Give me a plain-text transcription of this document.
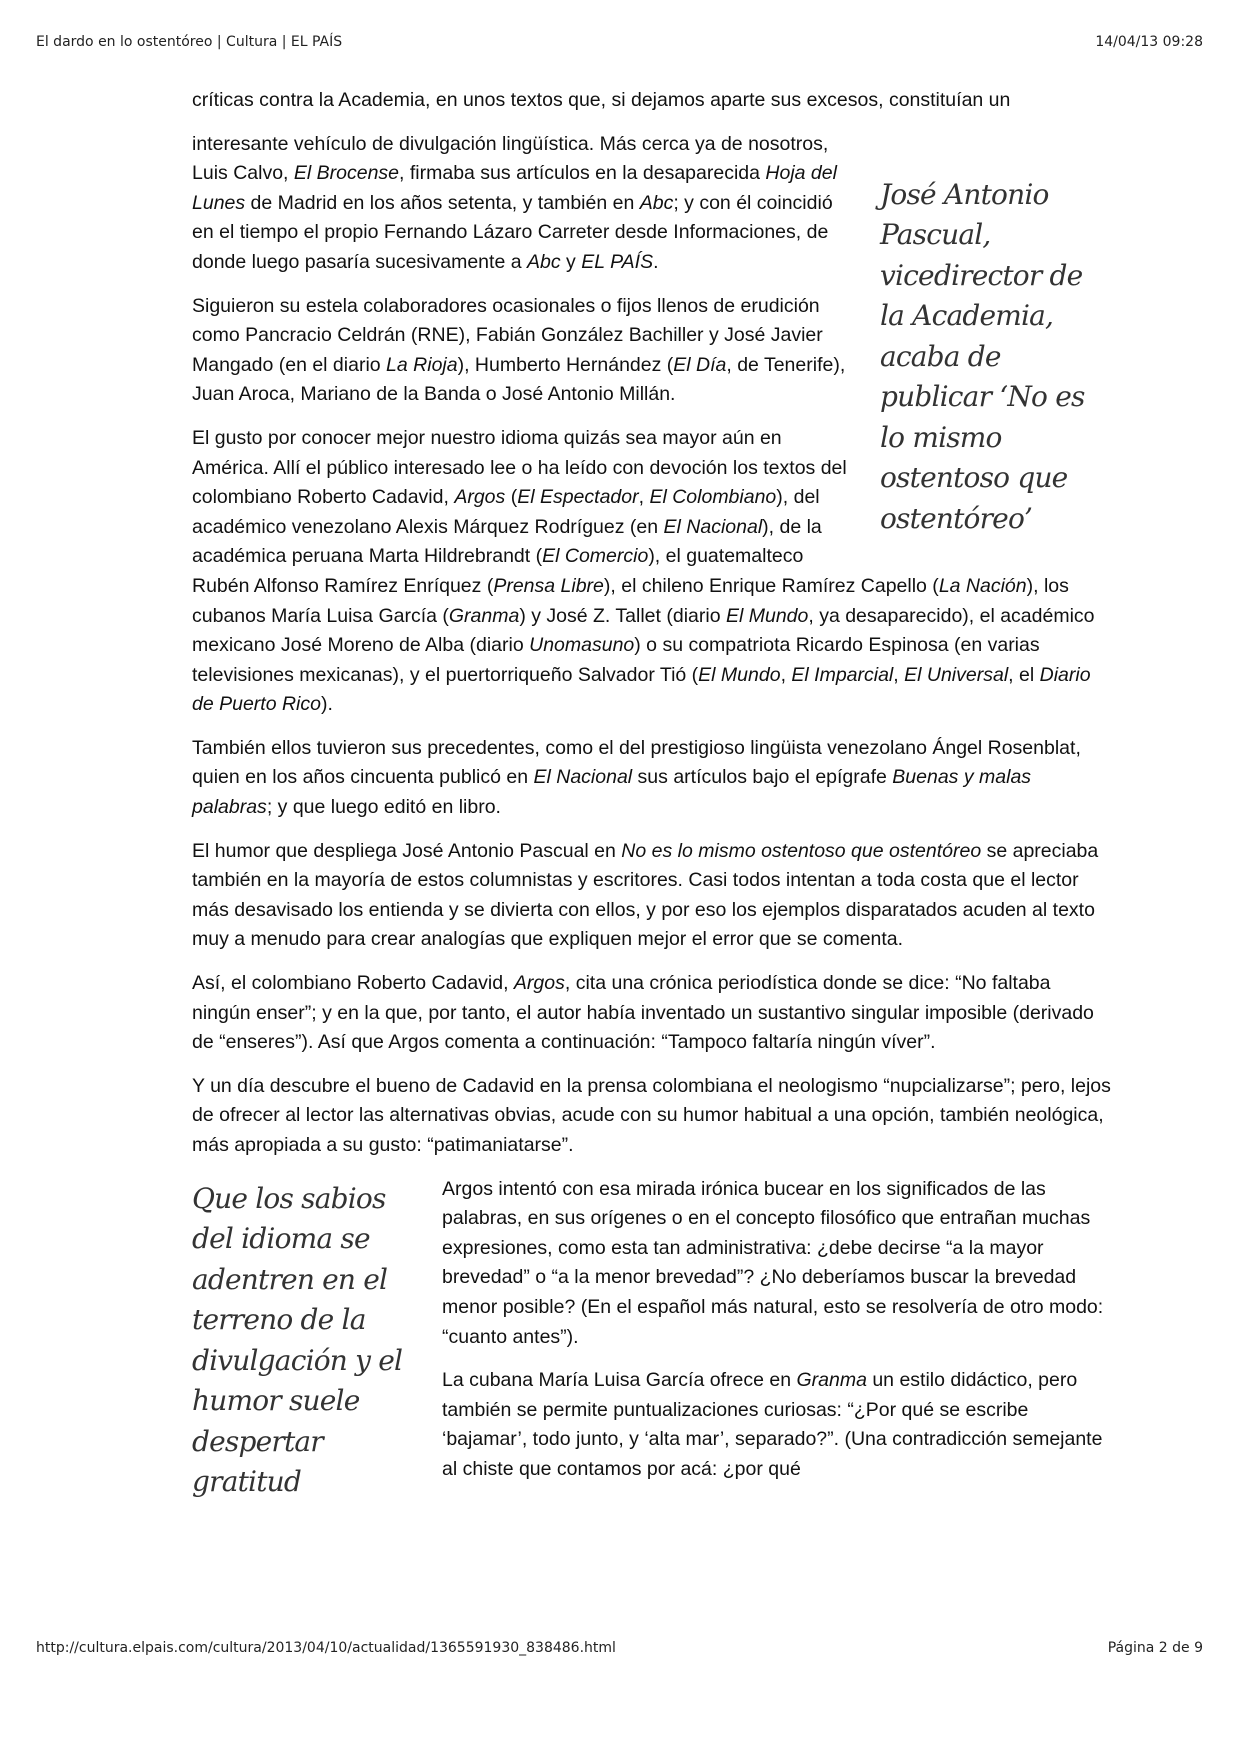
El dardo en lo ostentóreo | Cultura | EL PAÍS	14/04/13 09:28

críticas contra la Academia, en unos textos que, si dejamos aparte sus excesos, constituían un

José Antonio Pascual, vicedirector de la Academia, acaba de publicar ‘No es lo mismo ostentoso que ostentóreo’

interesante vehículo de divulgación lingüística. Más cerca ya de nosotros, Luis Calvo, El Brocense, firmaba sus artículos en la desaparecida Hoja del Lunes de Madrid en los años setenta, y también en Abc; y con él coincidió en el tiempo el propio Fernando Lázaro Carreter desde Informaciones, de donde luego pasaría sucesivamente a Abc y EL PAÍS.

Siguieron su estela colaboradores ocasionales o fijos llenos de erudición como Pancracio Celdrán (RNE), Fabián González Bachiller y José Javier Mangado (en el diario La Rioja), Humberto Hernández (El Día, de Tenerife), Juan Aroca, Mariano de la Banda o José Antonio Millán.

El gusto por conocer mejor nuestro idioma quizás sea mayor aún en América. Allí el público interesado lee o ha leído con devoción los textos del colombiano Roberto Cadavid, Argos (El Espectador, El Colombiano), del académico venezolano Alexis Márquez Rodríguez (en El Nacional), de la académica peruana Marta Hildrebrandt (El Comercio), el guatemalteco Rubén Alfonso Ramírez Enríquez (Prensa Libre), el chileno Enrique Ramírez Capello (La Nación), los cubanos María Luisa García (Granma) y José Z. Tallet (diario El Mundo, ya desaparecido), el académico mexicano José Moreno de Alba (diario Unomasuno) o su compatriota Ricardo Espinosa (en varias televisiones mexicanas), y el puertorriqueño Salvador Tió (El Mundo, El Imparcial, El Universal, el Diario de Puerto Rico).

También ellos tuvieron sus precedentes, como el del prestigioso lingüista venezolano Ángel Rosenblat, quien en los años cincuenta publicó en El Nacional sus artículos bajo el epígrafe Buenas y malas palabras; y que luego editó en libro.

El humor que despliega José Antonio Pascual en No es lo mismo ostentoso que ostentóreo se apreciaba también en la mayoría de estos columnistas y escritores. Casi todos intentan a toda costa que el lector más desavisado los entienda y se divierta con ellos, y por eso los ejemplos disparatados acuden al texto muy a menudo para crear analogías que expliquen mejor el error que se comenta.

Así, el colombiano Roberto Cadavid, Argos, cita una crónica periodística donde se dice: “No faltaba ningún enser”; y en la que, por tanto, el autor había inventado un sustantivo singular imposible (derivado de “enseres”). Así que Argos comenta a continuación: “Tampoco faltaría ningún víver”.

Y un día descubre el bueno de Cadavid en la prensa colombiana el neologismo “nupcializarse”; pero, lejos de ofrecer al lector las alternativas obvias, acude con su humor habitual a una opción, también neológica, más apropiada a su gusto: “patimaniatarse”.

Que los sabios del idioma se adentren en el terreno de la divulgación y el humor suele despertar gratitud

Argos intentó con esa mirada irónica bucear en los significados de las palabras, en sus orígenes o en el concepto filosófico que entrañan muchas expresiones, como esta tan administrativa: ¿debe decirse “a la mayor brevedad” o “a la menor brevedad”? ¿No deberíamos buscar la brevedad menor posible? (En el español más natural, esto se resolvería de otro modo: “cuanto antes”).

La cubana María Luisa García ofrece en Granma un estilo didáctico, pero también se permite puntualizaciones curiosas: “¿Por qué se escribe ‘bajamar’, todo junto, y ‘alta mar’, separado?”. (Una contradicción semejante al chiste que contamos por acá: ¿por qué

http://cultura.elpais.com/cultura/2013/04/10/actualidad/1365591930_838486.html	Página 2 de 9
